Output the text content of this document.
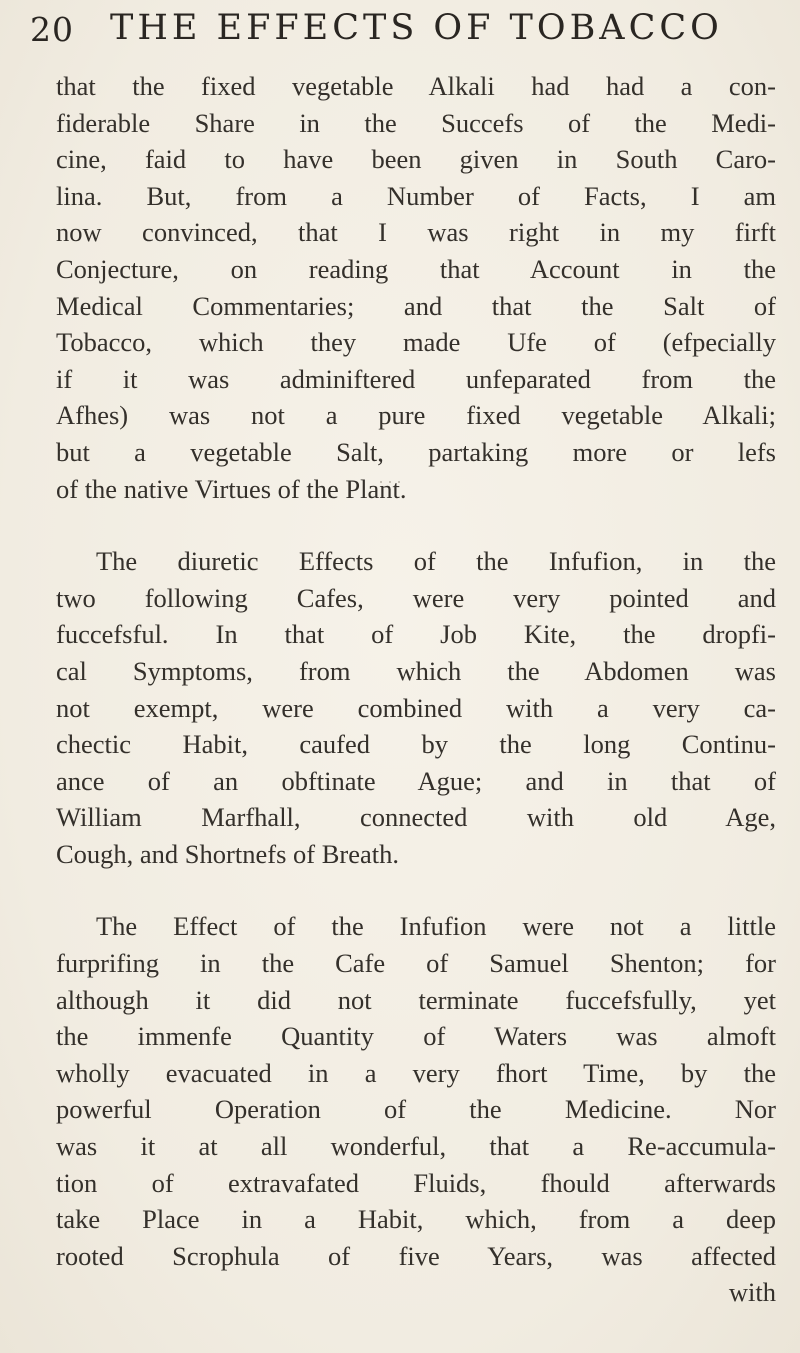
20 THE EFFECTS OF TOBACCO

that the fixed vegetable Alkali had had a con-
fiderable Share in the Succefs of the Medi-
cine, faid to have been given in South Caro-
lina. But, from a Number of Facts, I am
now convinced, that I was right in my firft
Conjecture, on reading that Account in the
Medical Commentaries; and that the Salt of
Tobacco, which they made Ufe of (efpecially
if it was adminiftered unfeparated from the
Afhes) was not a pure fixed vegetable Alkali;
but a vegetable Salt, partaking more or lefs
of the native Virtues of the Plant.

The diuretic Effects of the Infufion, in the
two following Cafes, were very pointed and
fuccefsful. In that of Job Kite, the dropfi-
cal Symptoms, from which the Abdomen was
not exempt, were combined with a very ca-
chectic Habit, caufed by the long Continu-
ance of an obftinate Ague; and in that of
William Marfhall, connected with old Age,
Cough, and Shortnefs of Breath.

The Effect of the Infufion were not a little
furprifing in the Cafe of Samuel Shenton; for
although it did not terminate fuccefsfully, yet
the immenfe Quantity of Waters was almoft
wholly evacuated in a very fhort Time, by the
powerful Operation of the Medicine. Nor
was it at all wonderful, that a Re-accumula-
tion of extravafated Fluids, fhould afterwards
take Place in a Habit, which, from a deep
rooted Scrophula of five Years, was affected

with
